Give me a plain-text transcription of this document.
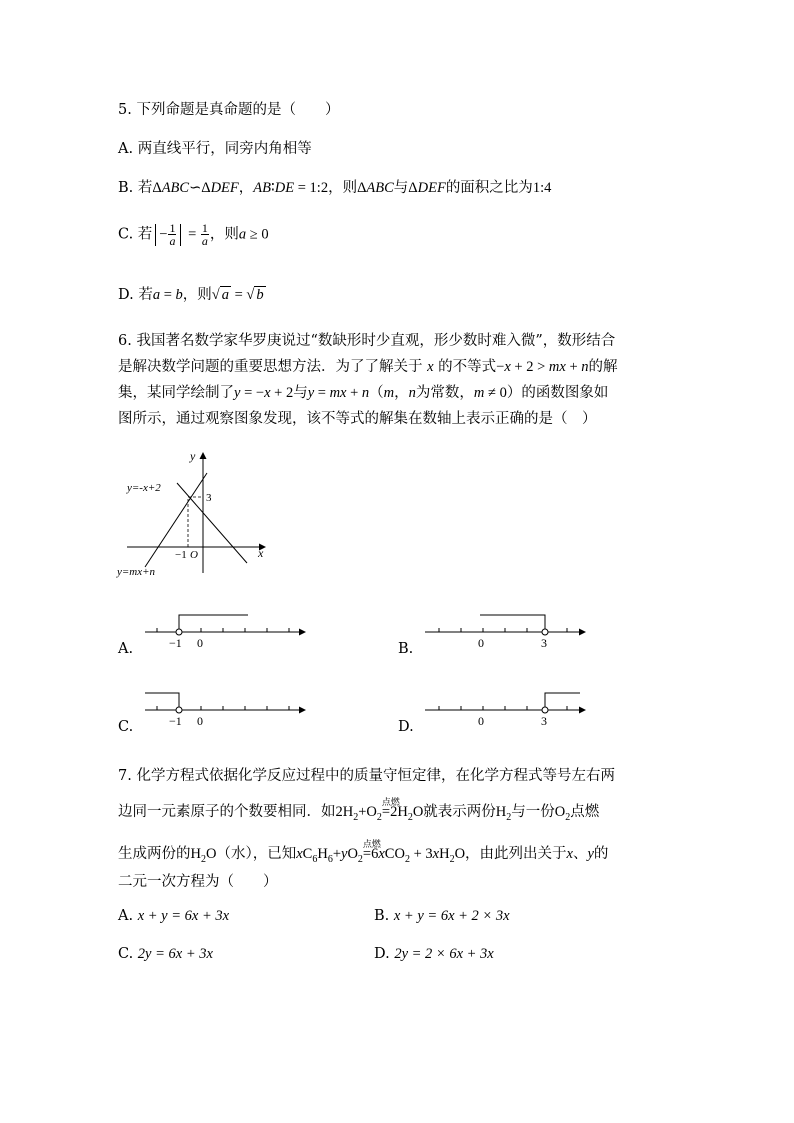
5. 下列命题是真命题的是（　　）
A. 两直线平行，同旁内角相等
B. 若ΔABC∽ΔDEF，AB∶DE = 1:2，则ΔABC与ΔDEF的面积之比为1:4
C. 若 − $\frac{1}{a} = \frac{1}{a}$ ，则a ≥ 0
D. 若a = b，则√ a = √ b
6. 我国著名数学家华罗庚说过“数缺形时少直观，形少数时难入微”，数形结合
是解决数学问题的重要思想方法．为了了解关于 x 的不等式−x + 2 > mx + n的解
集，某同学绘制了y = −x + 2与y = mx + n（m，n为常数，m ≠ 0）的函数图象如
图所示，通过观察图象发现，该不等式的解集在数轴上表示正确的是（　）
y
x
O
−1
3
y=-x+2
y=mx+n
A.	−1 0	B.	0	3
C.	−1 0	D.	0	3
7. 化学方程式依据化学反应过程中的质量守恒定律，在化学方程式等号左右两
边同一元素原子的个数要相同．如$2H_2+O_2$
点燃
$=2H_2O$就表示两份$H_2$与一份$O_2$点燃
生成两份的$H_2O$（水），已知$xC_6H_6+yO_2$
点燃
$=6xCO_2 + 3xH_2O$，由此列出关于x、y的
二元一次方程为（　　）
A. x + y = 6x + 3x	B. x + y = 6x + 2 × 3x
C. 2y = 6x + 3x	D. 2y = 2 × 6x + 3x
